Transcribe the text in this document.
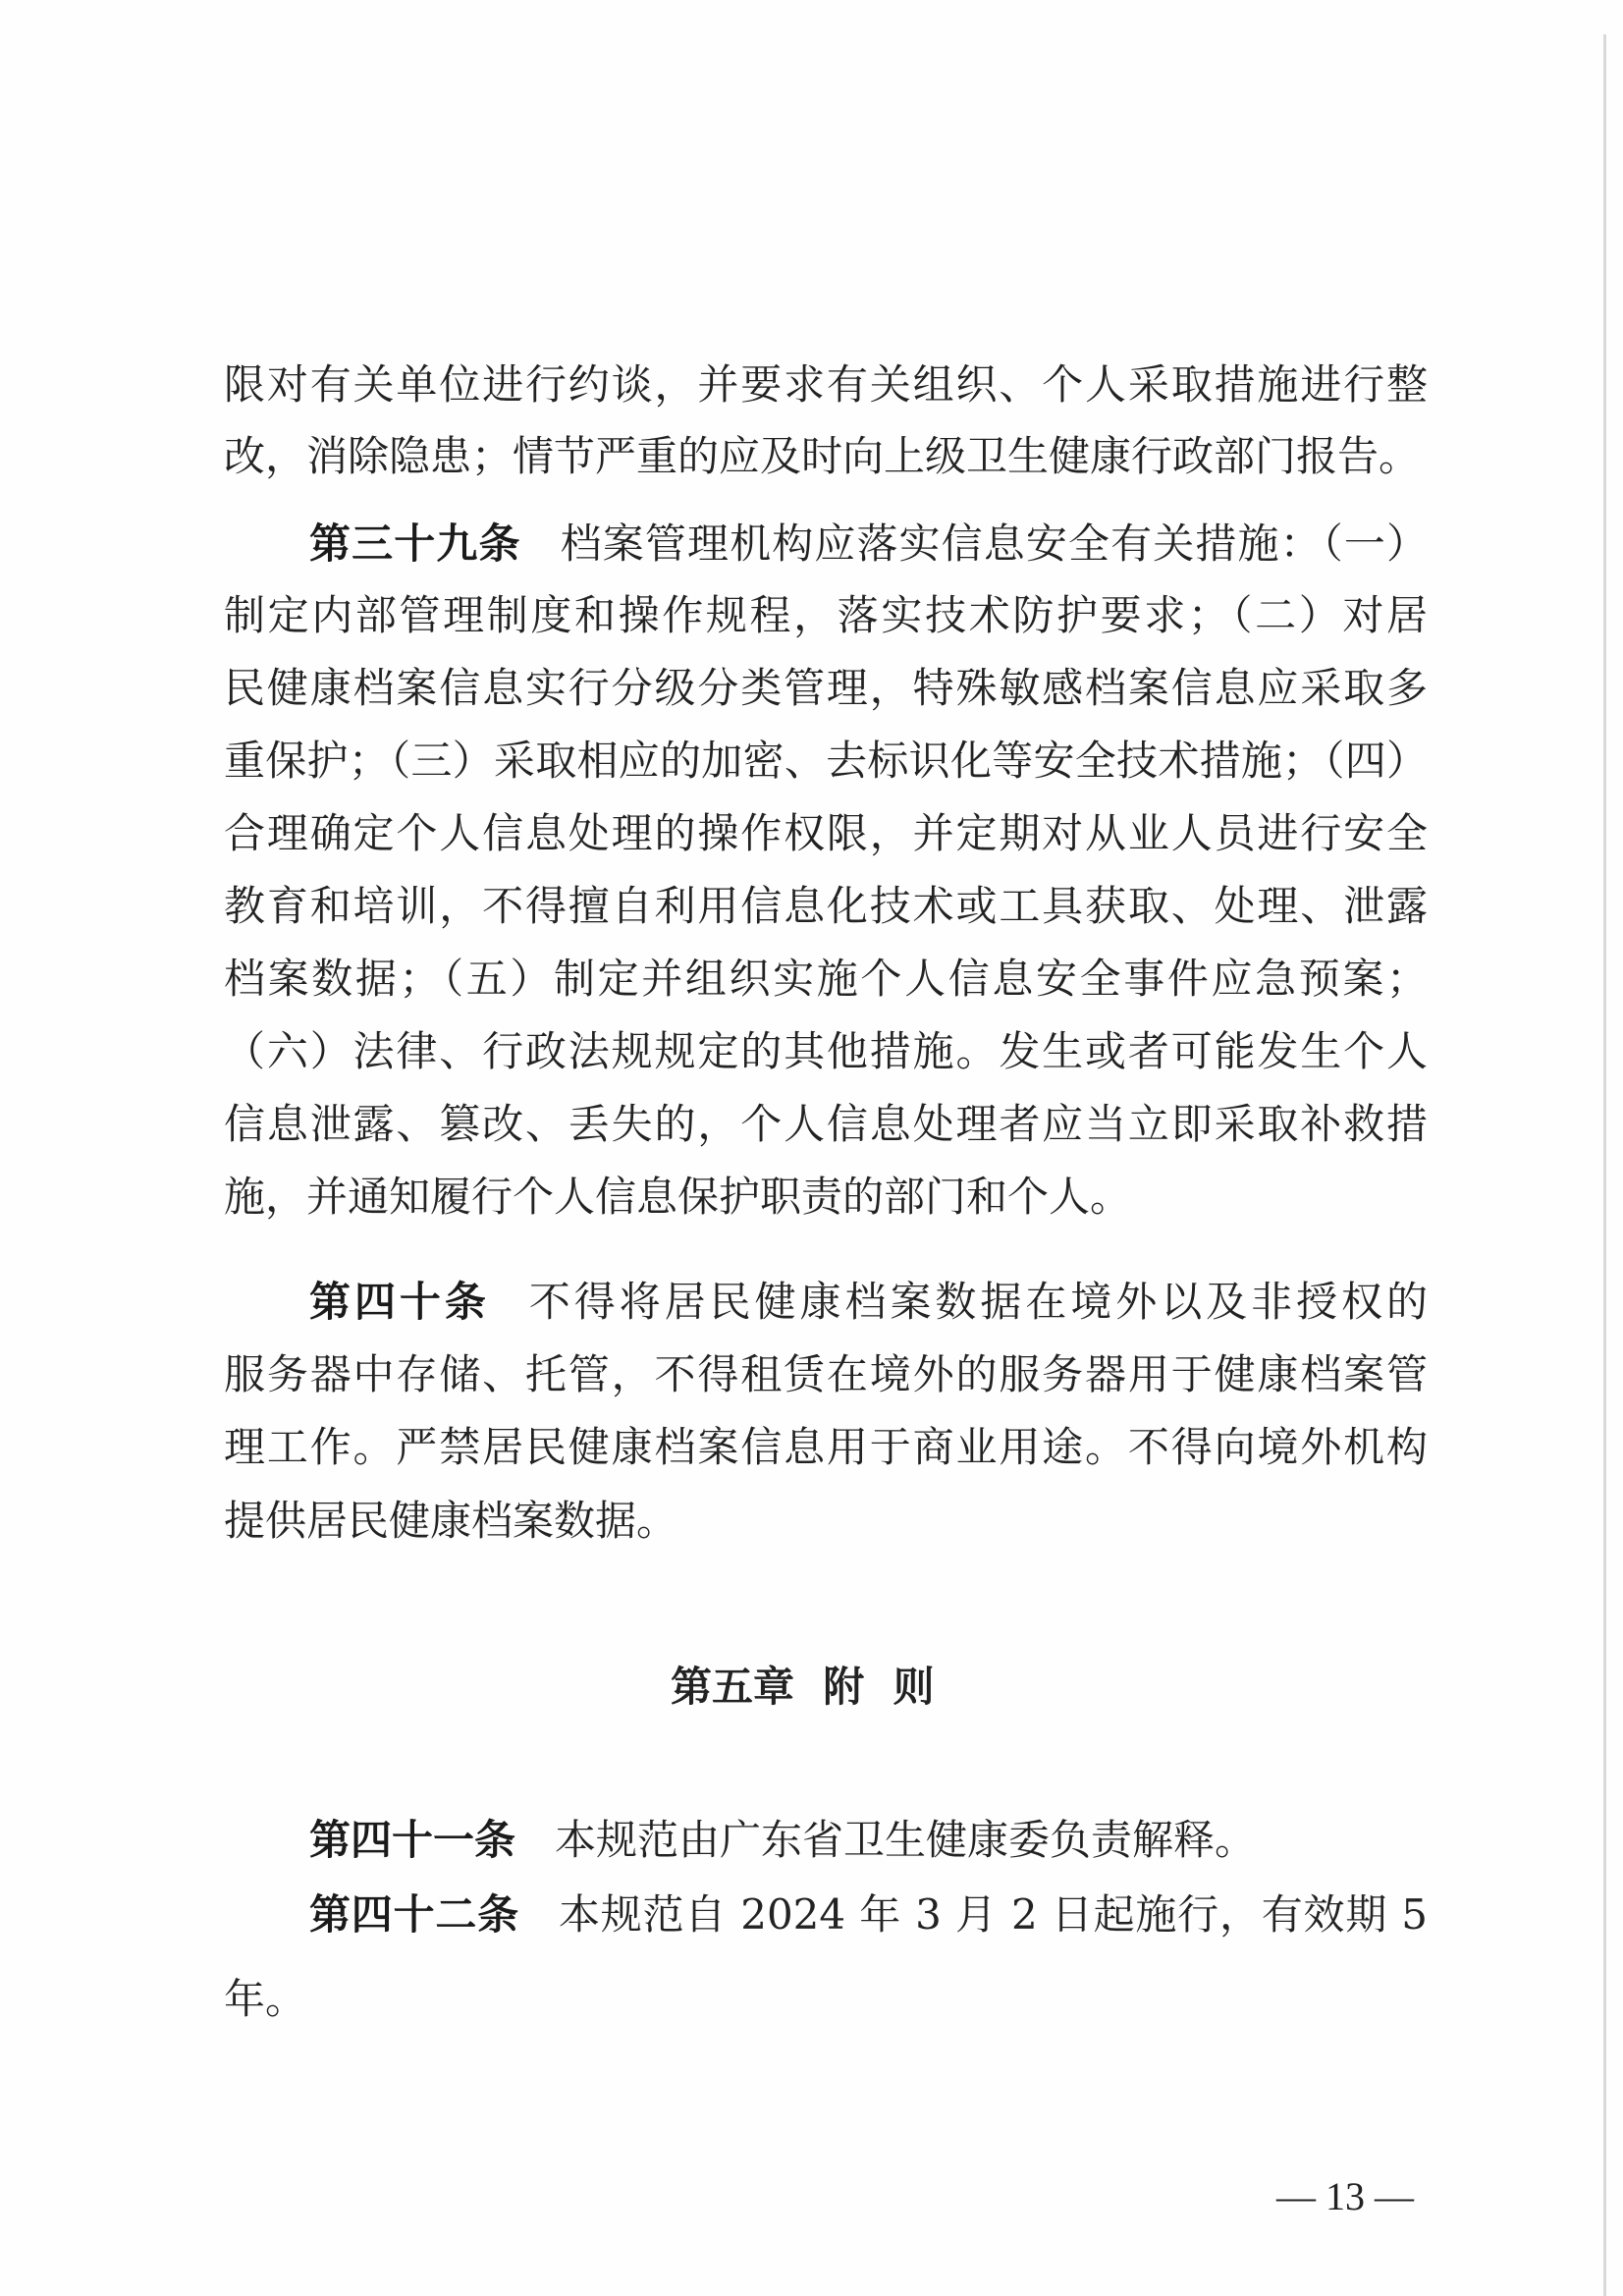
限对有关单位进行约谈，并要求有关组织、个人采取措施进行整
改，消除隐患；情节严重的应及时向上级卫生健康行政部门报告。
第三十九条 档案管理机构应落实信息安全有关措施：（一）
制定内部管理制度和操作规程，落实技术防护要求；（二）对居
民健康档案信息实行分级分类管理，特殊敏感档案信息应采取多
重保护；（三）采取相应的加密、去标识化等安全技术措施；（四）
合理确定个人信息处理的操作权限，并定期对从业人员进行安全
教育和培训，不得擅自利用信息化技术或工具获取、处理、泄露
档案数据；（五）制定并组织实施个人信息安全事件应急预案；
（六）法律、行政法规规定的其他措施。发生或者可能发生个人
信息泄露、篡改、丢失的，个人信息处理者应当立即采取补救措
施，并通知履行个人信息保护职责的部门和个人。
第四十条 不得将居民健康档案数据在境外以及非授权的
服务器中存储、托管，不得租赁在境外的服务器用于健康档案管
理工作。严禁居民健康档案信息用于商业用途。不得向境外机构
提供居民健康档案数据。
第五章  附  则
第四十一条 本规范由广东省卫生健康委负责解释。
第四十二条 本规范自 2024 年 3 月 2 日起施行，有效期 5
年。
— 13 —
